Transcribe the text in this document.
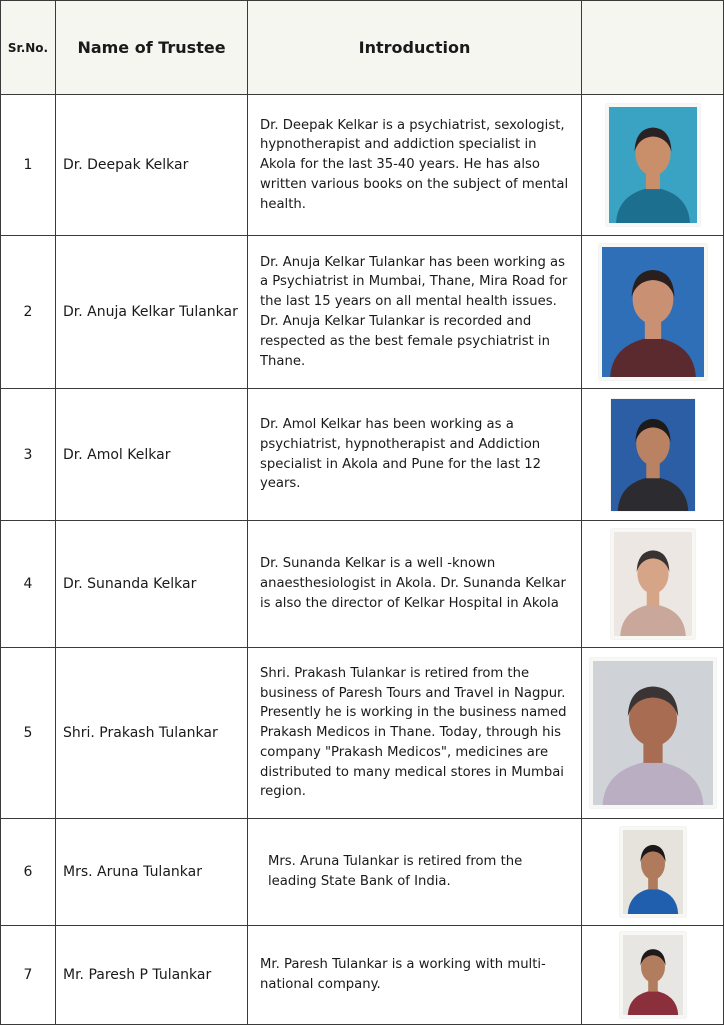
Sr.No.	Name of Trustee	Introduction	
1	Dr. Deepak Kelkar	Dr. Deepak Kelkar is a psychiatrist, sexologist, hypnotherapist and addiction specialist in Akola for the last 35-40 years. He has also written various books on the subject of mental health.	

2	Dr. Anuja Kelkar Tulankar	Dr. Anuja Kelkar Tulankar has been working as a Psychiatrist in Mumbai, Thane, Mira Road for the last 15 years on all mental health issues. Dr. Anuja Kelkar Tulankar is recorded and respected as the best female psychiatrist in Thane.	

3	Dr. Amol Kelkar	Dr. Amol Kelkar has been working as a psychiatrist, hypnotherapist and Addiction specialist in Akola and Pune for the last 12 years.	

4	Dr. Sunanda Kelkar	Dr. Sunanda Kelkar is a well -known anaesthesiologist in Akola. Dr. Sunanda Kelkar is also the director of Kelkar Hospital in Akola	

5	Shri. Prakash Tulankar	Shri. Prakash Tulankar is retired from the business of Paresh Tours and Travel in Nagpur. Presently he is working in the business named Prakash Medicos in Thane. Today, through his company "Prakash Medicos", medicines are distributed to many medical stores in Mumbai region.	

6	Mrs. Aruna Tulankar	Mrs. Aruna Tulankar is retired from the leading State Bank of India.	

7	Mr. Paresh P Tulankar	Mr. Paresh Tulankar is a working with multi-national company.	
